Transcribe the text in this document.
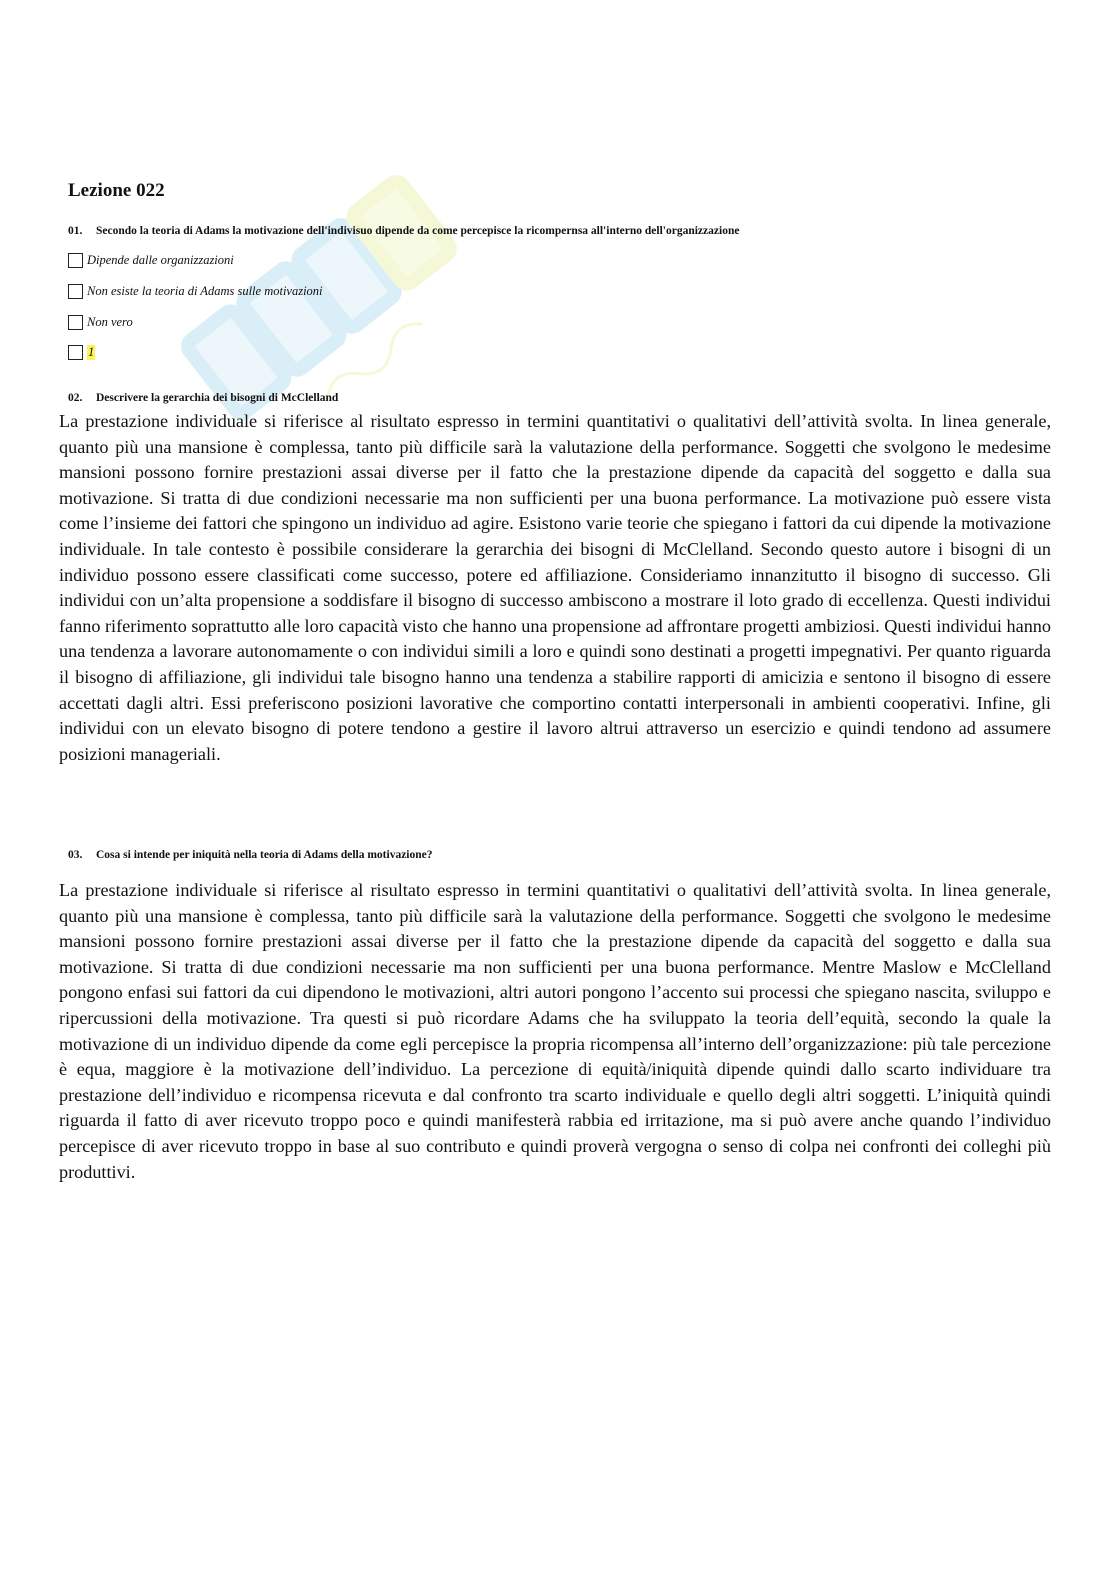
Lezione 022

01. Secondo la teoria di Adams la motivazione dell'indivisuo dipende da come percepisce la ricompernsa all'interno dell'organizzazione

Dipende dalle organizzazioni
Non esiste la teoria di Adams sulle motivazioni
Non vero
1

02. Descrivere la gerarchia dei bisogni di McClelland

La prestazione individuale si riferisce al risultato espresso in termini quantitativi o qualitativi dell’attività svolta. In linea generale, quanto più una mansione è complessa, tanto più difficile sarà la valutazione della performance. Soggetti che svolgono le medesime mansioni possono fornire prestazioni assai diverse per il fatto che la prestazione dipende da capacità del soggetto e dalla sua motivazione. Si tratta di due condizioni necessarie ma non sufficienti per una buona performance. La motivazione può essere vista come l’insieme dei fattori che spingono un individuo ad agire. Esistono varie teorie che spiegano i fattori da cui dipende la motivazione individuale. In tale contesto è possibile considerare la gerarchia dei bisogni di McClelland. Secondo questo autore i bisogni di un individuo possono essere classificati come successo, potere ed affiliazione. Consideriamo innanzitutto il bisogno di successo. Gli individui con un’alta propensione a soddisfare il bisogno di successo ambiscono a mostrare il loto grado di eccellenza. Questi individui fanno riferimento soprattutto alle loro capacità visto che hanno una propensione ad affrontare progetti ambiziosi. Questi individui hanno una tendenza a lavorare autonomamente o con individui simili a loro e quindi sono destinati a progetti impegnativi. Per quanto riguarda il bisogno di affiliazione, gli individui tale bisogno hanno una tendenza a stabilire rapporti di amicizia e sentono il bisogno di essere accettati dagli altri. Essi preferiscono posizioni lavorative che comportino contatti interpersonali in ambienti cooperativi. Infine, gli individui con un elevato bisogno di potere tendono a gestire il lavoro altrui attraverso un esercizio e quindi tendono ad assumere posizioni manageriali.

03. Cosa si intende per iniquità nella teoria di Adams della motivazione?

La prestazione individuale si riferisce al risultato espresso in termini quantitativi o qualitativi dell’attività svolta. In linea generale, quanto più una mansione è complessa, tanto più difficile sarà la valutazione della performance. Soggetti che svolgono le medesime mansioni possono fornire prestazioni assai diverse per il fatto che la prestazione dipende da capacità del soggetto e dalla sua motivazione. Si tratta di due condizioni necessarie ma non sufficienti per una buona performance. Mentre Maslow e McClelland pongono enfasi sui fattori da cui dipendono le motivazioni, altri autori pongono l’accento sui processi che spiegano nascita, sviluppo e ripercussioni della motivazione. Tra questi si può ricordare Adams che ha sviluppato la teoria dell’equità, secondo la quale la motivazione di un individuo dipende da come egli percepisce la propria ricompensa all’interno dell’organizzazione: più tale percezione è equa, maggiore è la motivazione dell’individuo. La percezione di equità/iniquità dipende quindi dallo scarto individuare tra prestazione dell’individuo e ricompensa ricevuta e dal confronto tra scarto individuale e quello degli altri soggetti. L’iniquità quindi riguarda il fatto di aver ricevuto troppo poco e quindi manifesterà rabbia ed irritazione, ma si può avere anche quando l’individuo percepisce di aver ricevuto troppo in base al suo contributo e quindi proverà vergogna o senso di colpa nei confronti dei colleghi più produttivi.
